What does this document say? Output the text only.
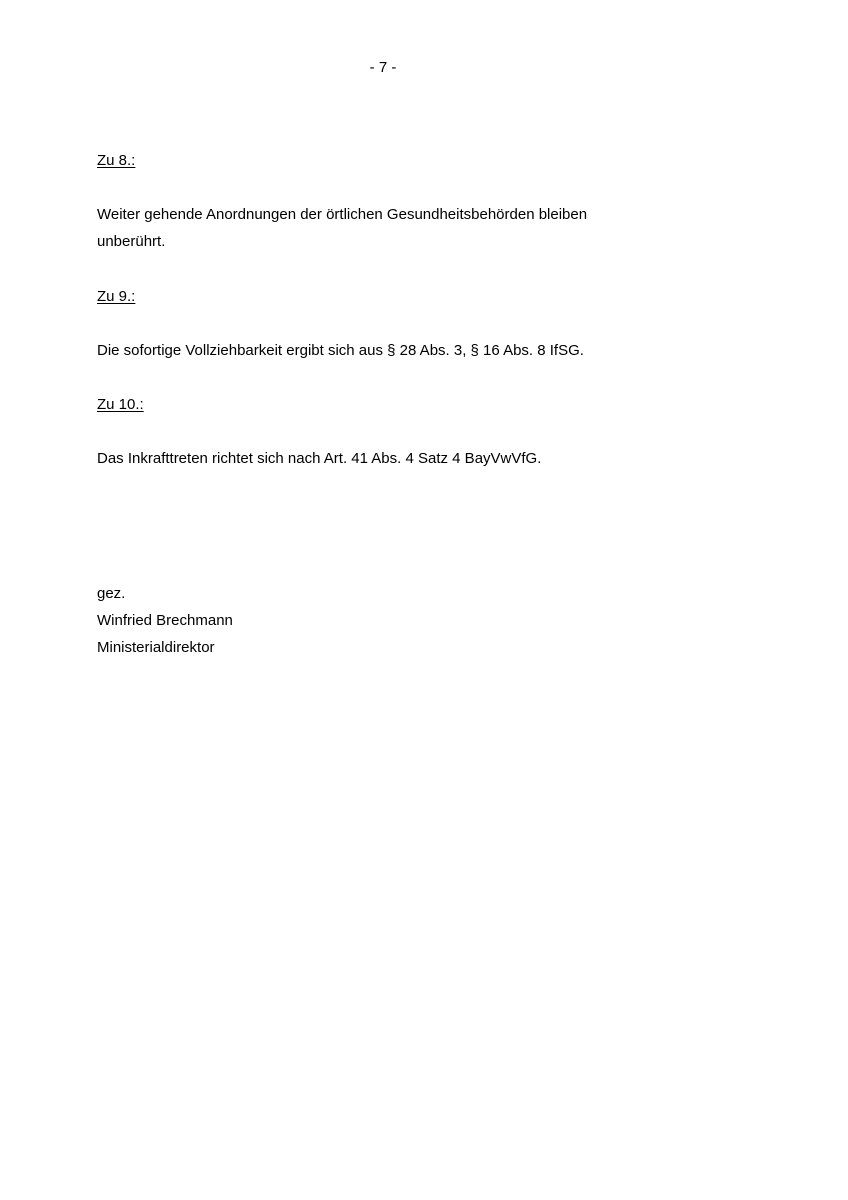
- 7 -
Zu 8.:
Weiter gehende Anordnungen der örtlichen Gesundheitsbehörden bleiben
unberührt.
Zu 9.:
Die sofortige Vollziehbarkeit ergibt sich aus § 28 Abs. 3, § 16 Abs. 8 IfSG.
Zu 10.:
Das Inkrafttreten richtet sich nach Art. 41 Abs. 4 Satz 4 BayVwVfG.
gez.
Winfried Brechmann
Ministerialdirektor
